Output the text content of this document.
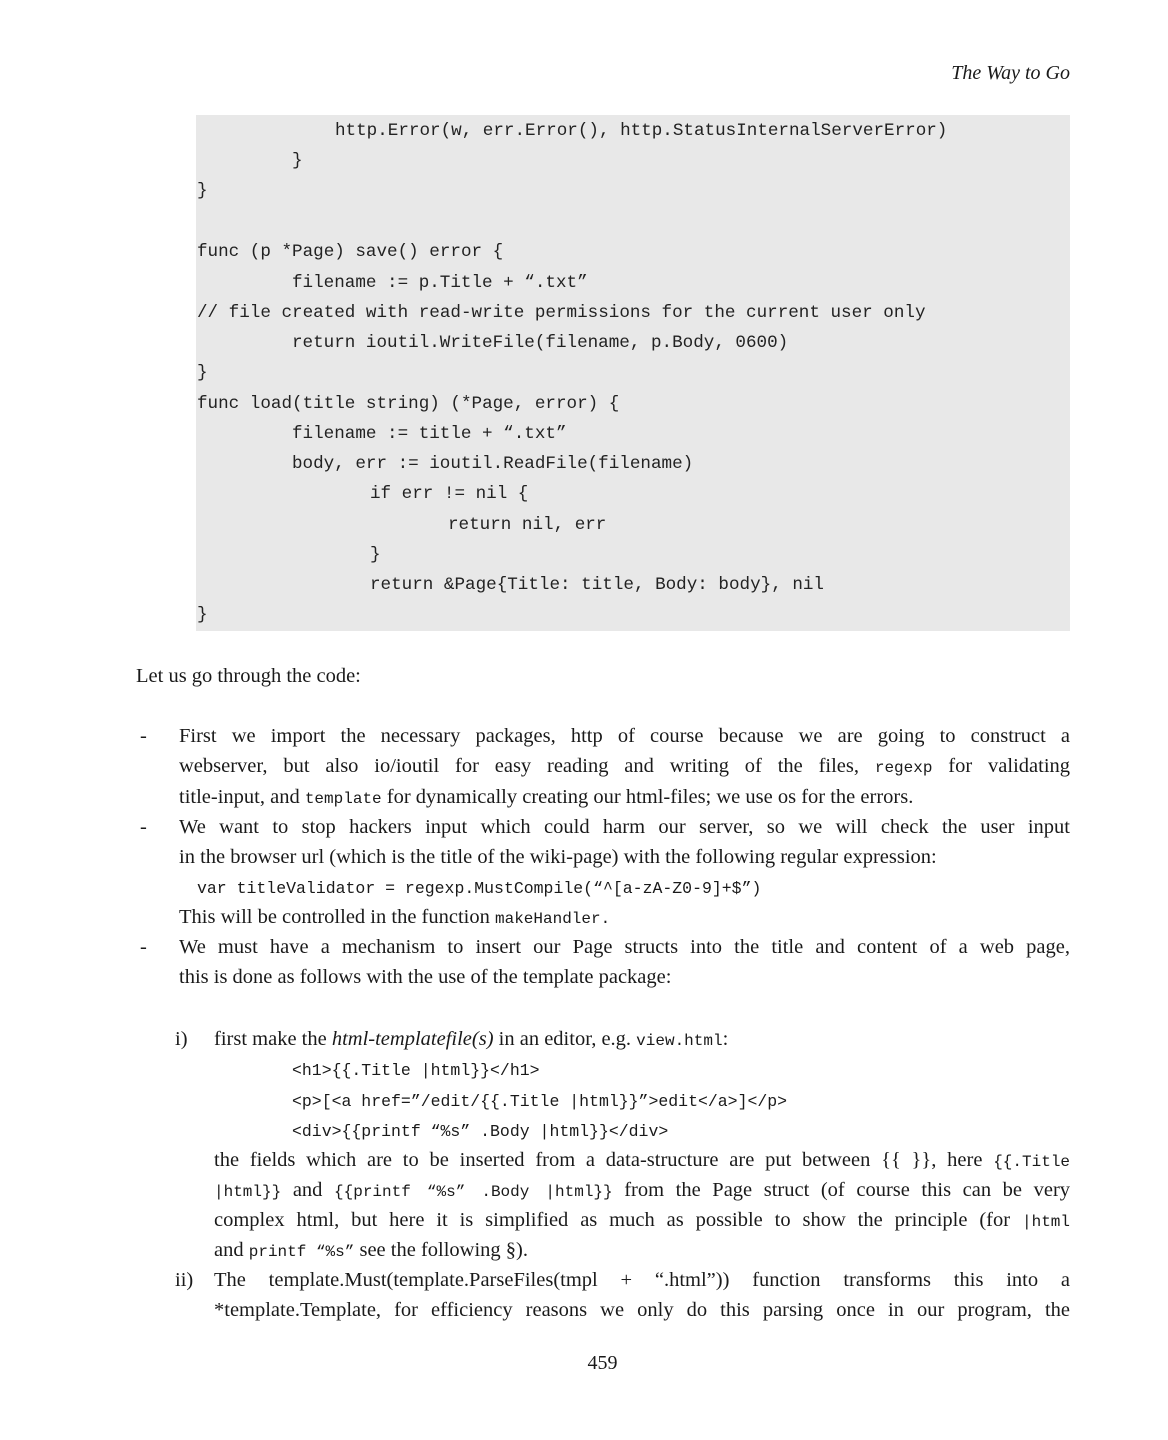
The Way to Go
http.Error(w, err.Error(), http.StatusInternalServerError)
}
}
func (p *Page) save() error {
filename := p.Title + “.txt”
// file created with read-write permissions for the current user only
return ioutil.WriteFile(filename, p.Body, 0600)
}
func load(title string) (*Page, error) {
filename := title + “.txt”
body, err := ioutil.ReadFile(filename)
if err != nil {
return nil, err
}
return &Page{Title: title, Body: body}, nil
}
Let us go through the code:
- First we import the necessary packages, http of course because we are going to construct a
webserver, but also io/ioutil for easy reading and writing of the files, regexp for validating
title-input, and template for dynamically creating our html-files; we use os for the errors.
- We want to stop hackers input which could harm our server, so we will check the user input
in the browser url (which is the title of the wiki-page) with the following regular expression:
var titleValidator = regexp.MustCompile(“^[a-zA-Z0-9]+$”)
This will be controlled in the function makeHandler.
- We must have a mechanism to insert our Page structs into the title and content of a web page,
this is done as follows with the use of the template package:
i) first make the html-templatefile(s) in an editor, e.g. view.html:
<h1>{{.Title |html}}</h1>
<p>[<a href=”/edit/{{.Title |html}}”>edit</a>]</p>
<div>{{printf “%s” .Body |html}}</div>
the fields which are to be inserted from a data-structure are put between {{ }}, here {{.Title
|html}} and {{printf “%s” .Body |html}} from the Page struct (of course this can be very
complex html, but here it is simplified as much as possible to show the principle (for |html
and printf “%s” see the following §).
ii) The template.Must(template.ParseFiles(tmpl + “.html”)) function transforms this into a
*template.Template, for efficiency reasons we only do this parsing once in our program, the
459
